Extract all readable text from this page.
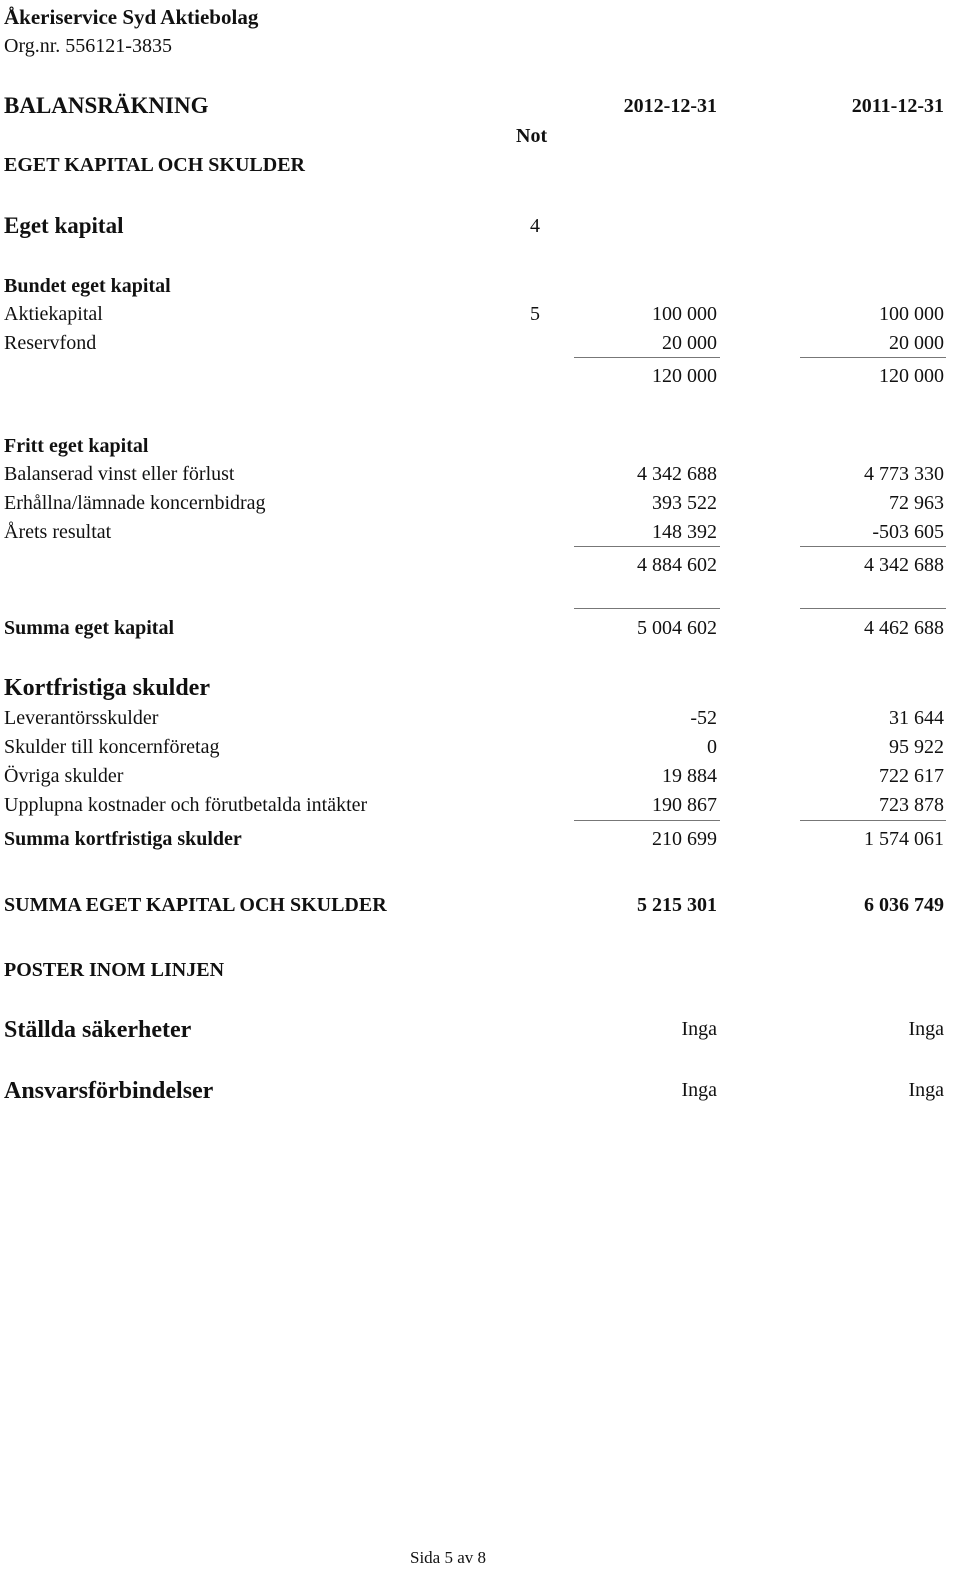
Åkeriservice Syd Aktiebolag
Org.nr. 556121-3835
BALANSRÄKNING	2012-12-31	2011-12-31
Not
EGET KAPITAL OCH SKULDER
Eget kapital	4
Bundet eget kapital
Aktiekapital	5	100 000	100 000
Reservfond	20 000	20 000
120 000	120 000
Fritt eget kapital
Balanserad vinst eller förlust	4 342 688	4 773 330
Erhållna/lämnade koncernbidrag	393 522	72 963
Årets resultat	148 392	-503 605
4 884 602	4 342 688
Summa eget kapital	5 004 602	4 462 688
Kortfristiga skulder
Leverantörsskulder	-52	31 644
Skulder till koncernföretag	0	95 922
Övriga skulder	19 884	722 617
Upplupna kostnader och förutbetalda intäkter	190 867	723 878
Summa kortfristiga skulder	210 699	1 574 061
SUMMA EGET KAPITAL OCH SKULDER	5 215 301	6 036 749
POSTER INOM LINJEN
Ställda säkerheter	Inga	Inga
Ansvarsförbindelser	Inga	Inga
Sida 5 av 8
